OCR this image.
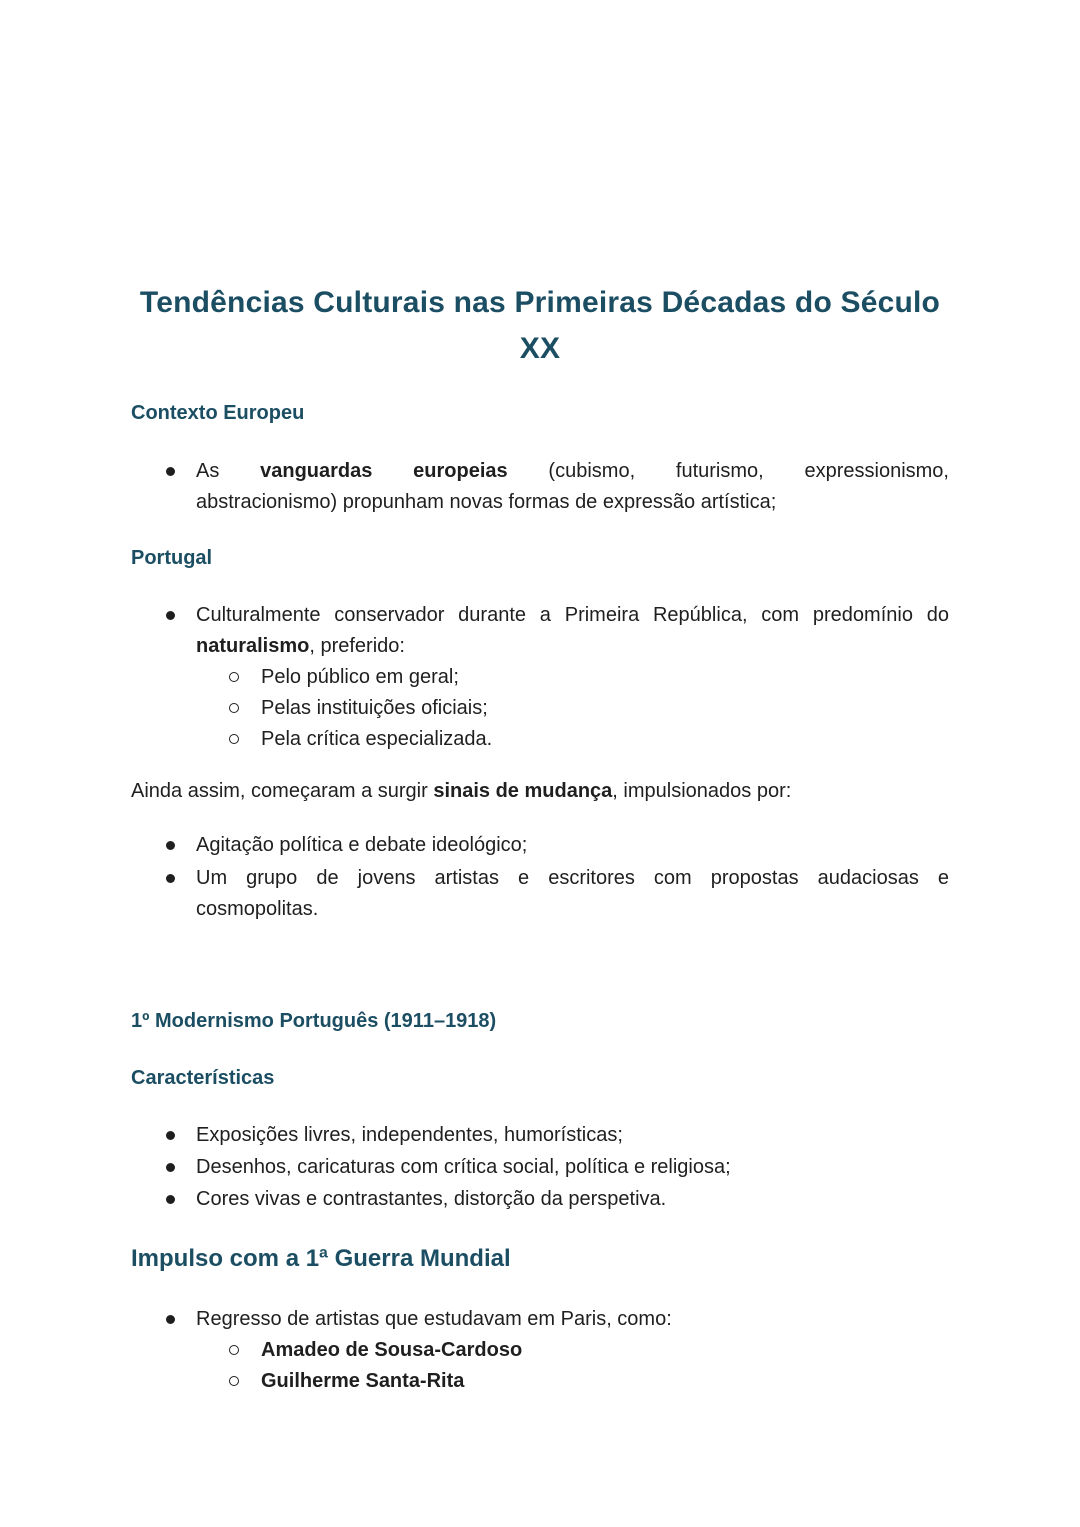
Tendências Culturais nas Primeiras Décadas do Século XX
Contexto Europeu
As vanguardas europeias (cubismo, futurismo, expressionismo,
abstracionismo) propunham novas formas de expressão artística;
Portugal
Culturalmente conservador durante a Primeira República, com predomínio do
naturalismo, preferido:
Pelo público em geral;
Pelas instituições oficiais;
Pela crítica especializada.
Ainda assim, começaram a surgir sinais de mudança, impulsionados por:
Agitação política e debate ideológico;
Um grupo de jovens artistas e escritores com propostas audaciosas e
cosmopolitas.
1º Modernismo Português (1911–1918)
Características
Exposições livres, independentes, humorísticas;
Desenhos, caricaturas com crítica social, política e religiosa;
Cores vivas e contrastantes, distorção da perspetiva.
Impulso com a 1ª Guerra Mundial
Regresso de artistas que estudavam em Paris, como:
Amadeo de Sousa-Cardoso
Guilherme Santa-Rita
